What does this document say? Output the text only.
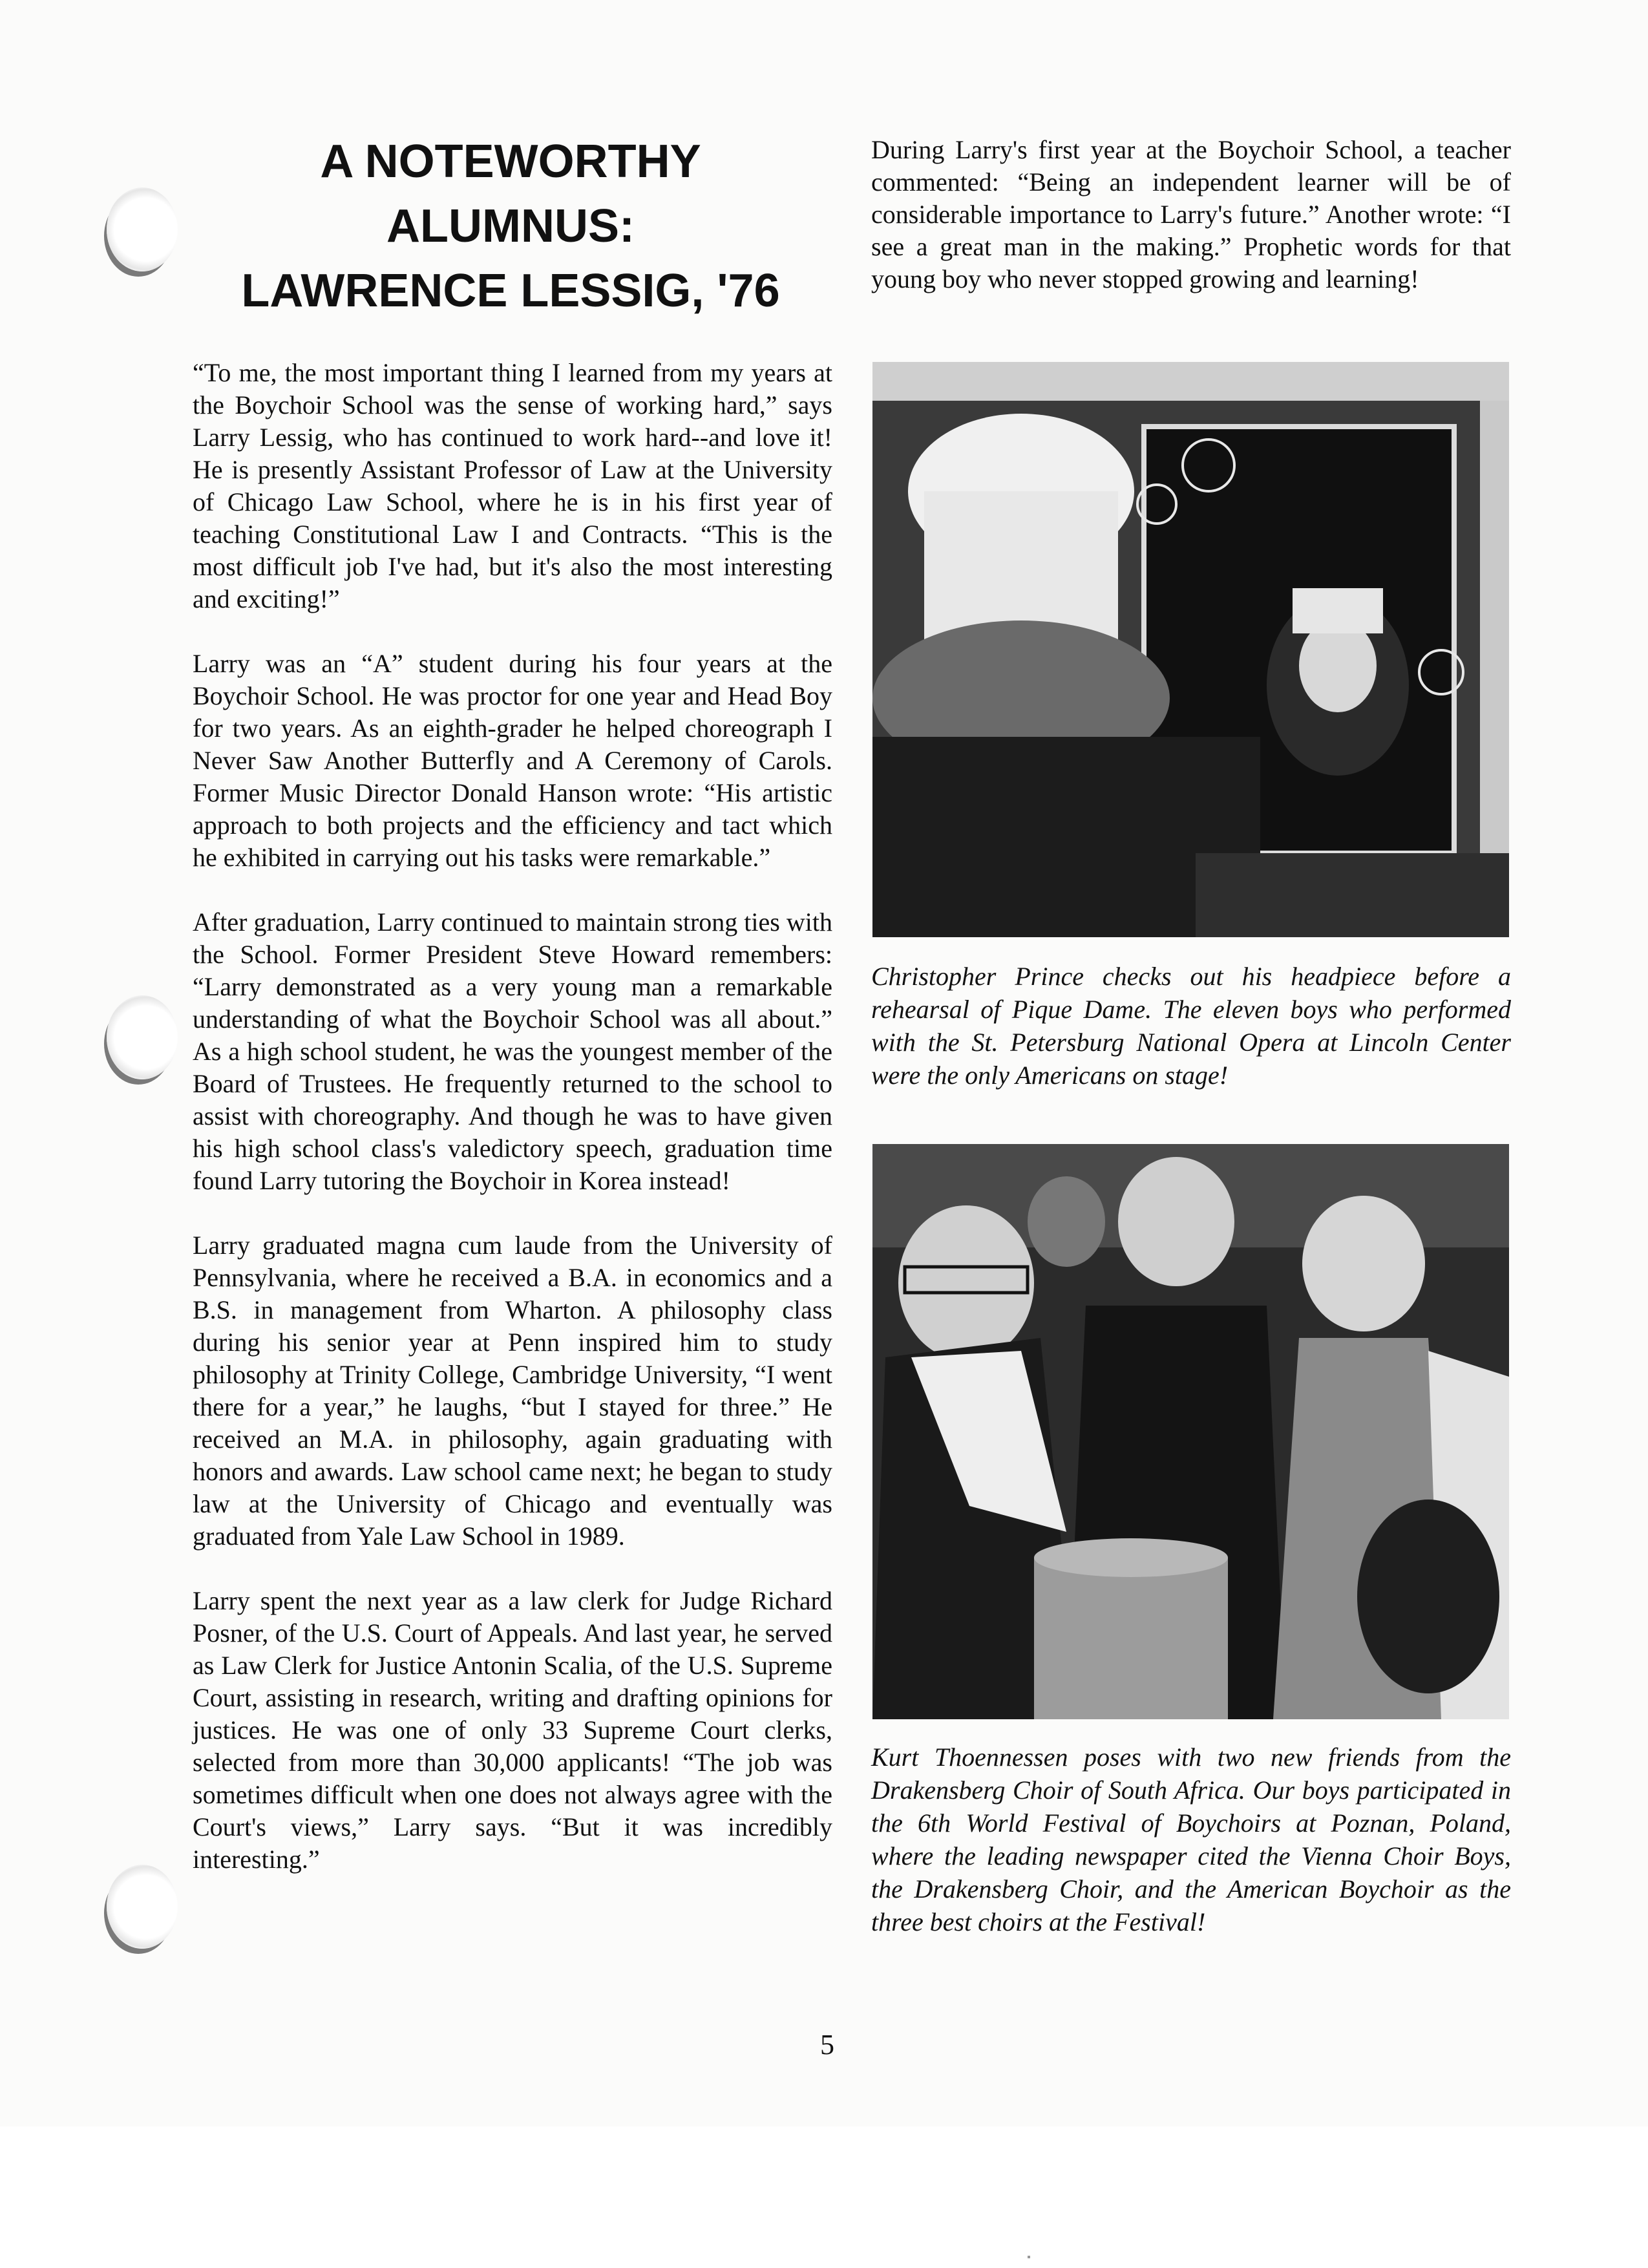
A NOTEWORTHY
ALUMNUS:
LAWRENCE LESSIG, '76

“To me, the most important thing I learned from my years at the Boychoir School was the sense of working hard,” says Larry Lessig, who has continued to work hard--and love it! He is presently Assistant Professor of Law at the University of Chicago Law School, where he is in his first year of teaching Constitutional Law I and Contracts. “This is the most difficult job I've had, but it's also the most interesting and exciting!”

Larry was an “A” student during his four years at the Boychoir School. He was proctor for one year and Head Boy for two years. As an eighth-grader he helped choreograph I Never Saw Another Butterfly and A Ceremony of Carols. Former Music Director Donald Hanson wrote: “His artistic approach to both projects and the efficiency and tact which he exhibited in carrying out his tasks were remarkable.”

After graduation, Larry continued to maintain strong ties with the School. Former President Steve Howard remembers: “Larry demonstrated as a very young man a remarkable understanding of what the Boychoir School was all about.” As a high school student, he was the youngest member of the Board of Trustees. He frequently returned to the school to assist with choreography. And though he was to have given his high school class's valedictory speech, graduation time found Larry tutoring the Boychoir in Korea instead!

Larry graduated magna cum laude from the University of Pennsylvania, where he received a B.A. in economics and a B.S. in management from Wharton. A philosophy class during his senior year at Penn inspired him to study philosophy at Trinity College, Cambridge University, “I went there for a year,” he laughs, “but I stayed for three.” He received an M.A. in philosophy, again graduating with honors and awards. Law school came next; he began to study law at the University of Chicago and eventually was graduated from Yale Law School in 1989.

Larry spent the next year as a law clerk for Judge Richard Posner, of the U.S. Court of Appeals. And last year, he served as Law Clerk for Justice Antonin Scalia, of the U.S. Supreme Court, assisting in research, writing and drafting opinions for justices. He was one of only 33 Supreme Court clerks, selected from more than 30,000 applicants! “The job was sometimes difficult when one does not always agree with the Court's views,” Larry says. “But it was incredibly interesting.”

During Larry's first year at the Boychoir School, a teacher commented: “Being an independent learner will be of considerable importance to Larry's future.” Another wrote: “I see a great man in the making.” Prophetic words for that young boy who never stopped growing and learning!

Christopher Prince checks out his headpiece before a rehearsal of Pique Dame. The eleven boys who performed with the St. Petersburg National Opera at Lincoln Center were the only Americans on stage!

Kurt Thoennessen poses with two new friends from the Drakensberg Choir of South Africa. Our boys participated in the 6th World Festival of Boychoirs at Poznan, Poland, where the leading newspaper cited the Vienna Choir Boys, the Drakensberg Choir, and the American Boychoir as the three best choirs at the Festival!

5
